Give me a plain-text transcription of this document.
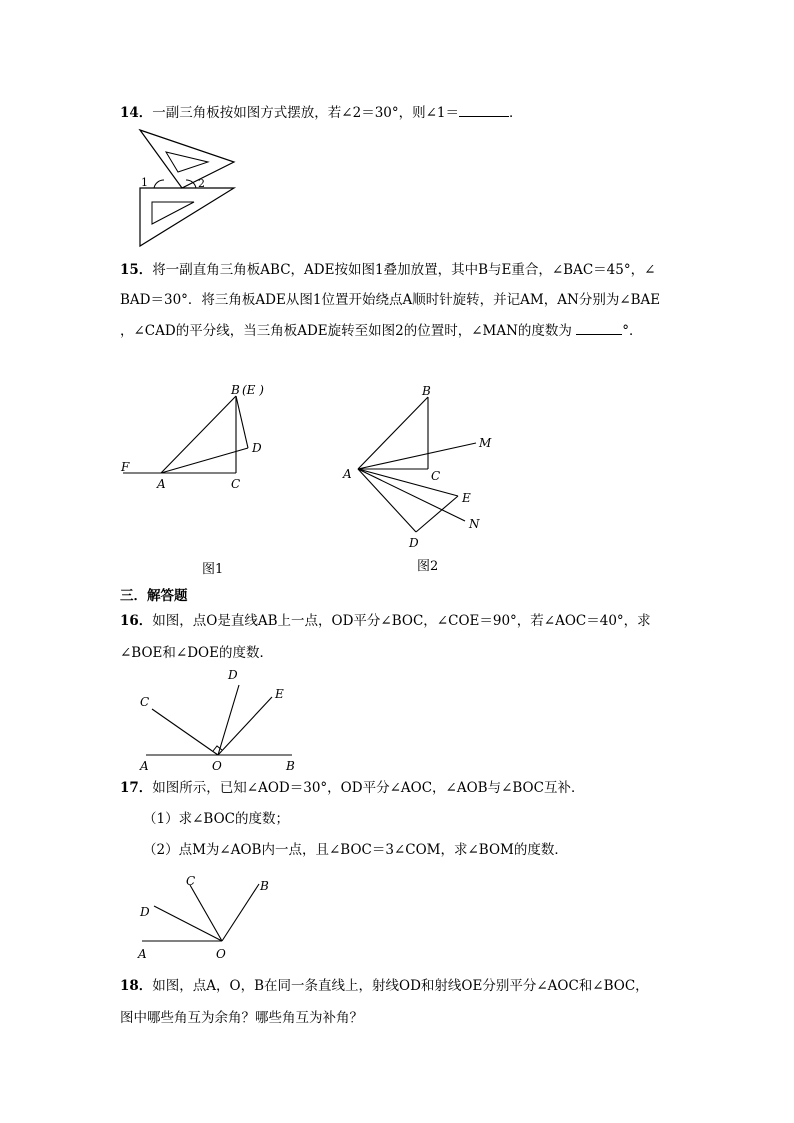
14．一副三角板按如图方式摆放，若∠2＝30°，则∠1＝	．
1	2
15．将一副直角三角板ABC，ADE按如图1叠加放置，其中B与E重合，∠BAC＝45°，∠
BAD＝30°．将三角板ADE从图1位置开始绕点A顺时针旋转，并记AM，AN分别为∠BAE
，∠CAD的平分线，当三角板ADE旋转至如图2的位置时，∠MAN的度数为	°．
B (E )
D
F
A	C
图1
B
M
A	C
E
N
D
图2
三．解答题
16．如图，点O是直线AB上一点，OD平分∠BOC，∠COE＝90°，若∠AOC＝40°，求
∠BOE和∠DOE的度数．
C
D
E
A	O	B
17．如图所示，已知∠AOD＝30°，OD平分∠AOC，∠AOB与∠BOC互补．
（1）求∠BOC的度数；
（2）点M为∠AOB内一点，且∠BOC＝3∠COM，求∠BOM的度数．
C	B
D
A	O
18．如图，点A，O，B在同一条直线上，射线OD和射线OE分别平分∠AOC和∠BOC，
图中哪些角互为余角？哪些角互为补角？
